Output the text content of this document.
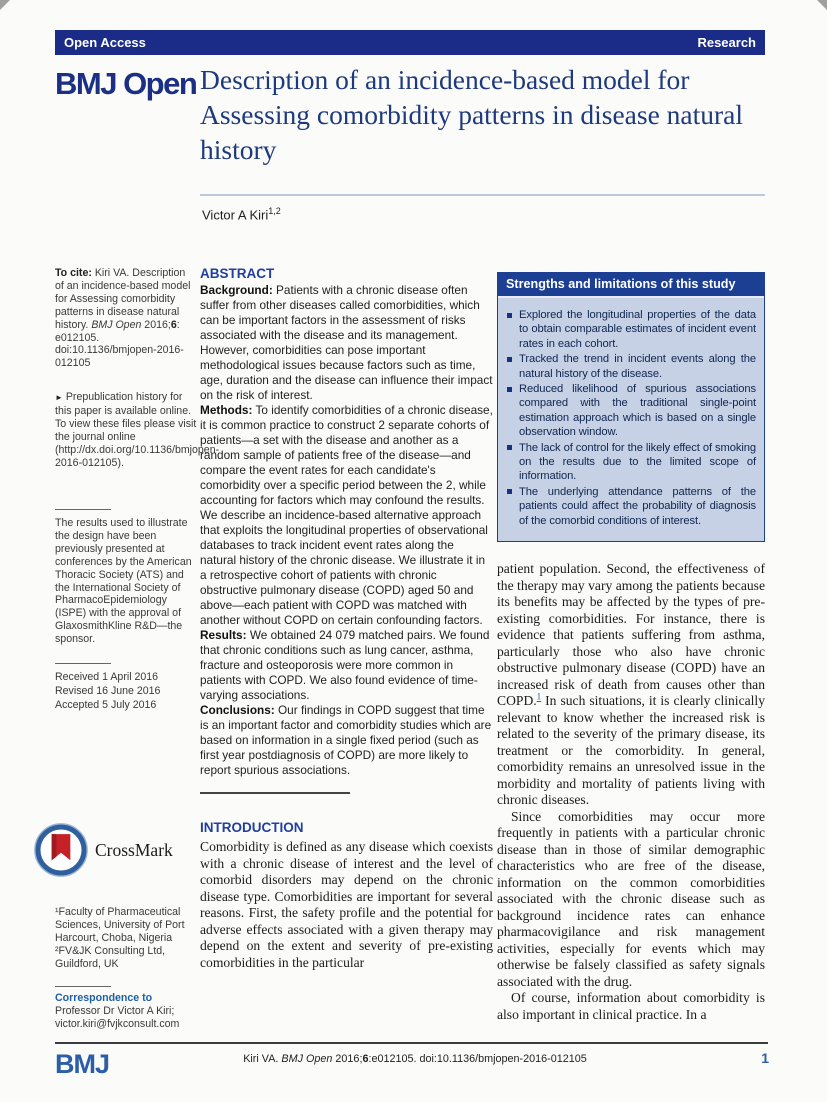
Open Access	Research
BMJ Open Description of an incidence-based model for Assessing comorbidity patterns in disease natural history
Victor A Kiri$^{1,2}$
To cite: Kiri VA. Description of an incidence-based model for Assessing comorbidity patterns in disease natural history. BMJ Open 2016;6: e012105. doi:10.1136/bmjopen-2016-012105
► Prepublication history for this paper is available online. To view these files please visit the journal online (http://dx.doi.org/10.1136/bmjopen-2016-012105).
The results used to illustrate the design have been previously presented at conferences by the American Thoracic Society (ATS) and the International Society of PharmacoEpidemiology (ISPE) with the approval of GlaxosmithKline R&D—the sponsor.
Received 1 April 2016
Revised 16 June 2016
Accepted 5 July 2016
CrossMark
¹Faculty of Pharmaceutical Sciences, University of Port Harcourt, Choba, Nigeria
²FV&JK Consulting Ltd, Guildford, UK
Correspondence to
Professor Dr Victor A Kiri;
victor.kiri@fvjkconsult.com
ABSTRACT
Background: Patients with a chronic disease often suffer from other diseases called comorbidities, which can be important factors in the assessment of risks associated with the disease and its management. However, comorbidities can pose important methodological issues because factors such as time, age, duration and the disease can influence their impact on the risk of interest.
Methods: To identify comorbidities of a chronic disease, it is common practice to construct 2 separate cohorts of patients—a set with the disease and another as a random sample of patients free of the disease—and compare the event rates for each candidate's comorbidity over a specific period between the 2, while accounting for factors which may confound the results. We describe an incidence-based alternative approach that exploits the longitudinal properties of observational databases to track incident event rates along the natural history of the chronic disease. We illustrate it in a retrospective cohort of patients with chronic obstructive pulmonary disease (COPD) aged 50 and above—each patient with COPD was matched with another without COPD on certain confounding factors.
Results: We obtained 24 079 matched pairs. We found that chronic conditions such as lung cancer, asthma, fracture and osteoporosis were more common in patients with COPD. We also found evidence of time-varying associations.
Conclusions: Our findings in COPD suggest that time is an important factor and comorbidity studies which are based on information in a single fixed period (such as first year postdiagnosis of COPD) are more likely to report spurious associations.
INTRODUCTION
Comorbidity is defined as any disease which coexists with a chronic disease of interest and the level of comorbid disorders may depend on the chronic disease type. Comorbidities are important for several reasons. First, the safety profile and the potential for adverse effects associated with a given therapy may depend on the extent and severity of pre-existing comorbidities in the particular
Strengths and limitations of this study
Explored the longitudinal properties of the data to obtain comparable estimates of incident event rates in each cohort.
Tracked the trend in incident events along the natural history of the disease.
Reduced likelihood of spurious associations compared with the traditional single-point estimation approach which is based on a single observation window.
The lack of control for the likely effect of smoking on the results due to the limited scope of information.
The underlying attendance patterns of the patients could affect the probability of diagnosis of the comorbid conditions of interest.
patient population. Second, the effectiveness of the therapy may vary among the patients because its benefits may be affected by the types of pre-existing comorbidities. For instance, there is evidence that patients suffering from asthma, particularly those who also have chronic obstructive pulmonary disease (COPD) have an increased risk of death from causes other than COPD.$^1$ In such situations, it is clearly clinically relevant to know whether the increased risk is related to the severity of the primary disease, its treatment or the comorbidity. In general, comorbidity remains an unresolved issue in the morbidity and mortality of patients living with chronic diseases.
Since comorbidities may occur more frequently in patients with a particular chronic disease than in those of similar demographic characteristics who are free of the disease, information on the common comorbidities associated with the chronic disease such as background incidence rates can enhance pharmacovigilance and risk management activities, especially for events which may otherwise be falsely classified as safety signals associated with the drug.
Of course, information about comorbidity is also important in clinical practice. In a
BMJ	Kiri VA. BMJ Open 2016;6:e012105. doi:10.1136/bmjopen-2016-012105	1
